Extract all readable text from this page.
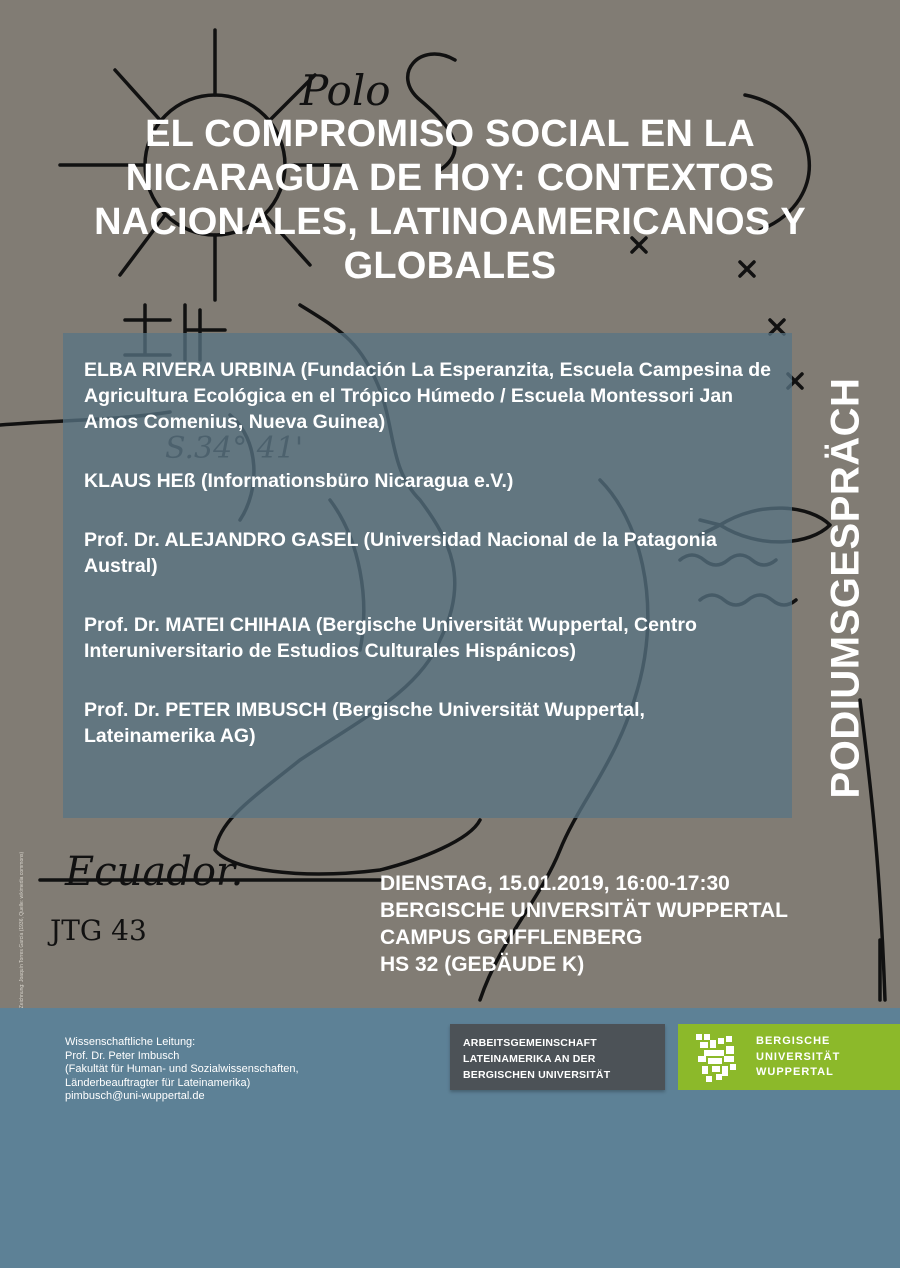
Polo
Ecuador.
JTG 43
EL COMPROMISO SOCIAL EN LA NICARAGUA DE HOY: CONTEXTOS NACIONALES, LATINOAMERICANOS Y GLOBALES

ELBA RIVERA URBINA (Fundación La Esperanzita, Escuela Campesina de Agricultura Ecológica en el Trópico Húmedo / Escuela Montessori Jan Amos Comenius, Nueva Guinea)

KLAUS HEß (Informationsbüro Nicaragua e.V.)

Prof. Dr. ALEJANDRO GASEL (Universidad Nacional de la Patagonia Austral)

Prof. Dr. MATEI CHIHAIA (Bergische Universität Wuppertal, Centro Interuniversitario de Estudios Culturales Hispánicos)

Prof. Dr. PETER IMBUSCH (Bergische Universität Wuppertal, Lateinamerika AG)	PODIUMSGESPRÄCH
Zeichnung: Joaquín Torres García (1936, Quelle: wikimedia commons)	DIENSTAG, 15.01.2019, 16:00-17:30
BERGISCHE UNIVERSITÄT WUPPERTAL
CAMPUS GRIFFLENBERG
HS 32 (GEBÄUDE K)
Wissenschaftliche Leitung:
Prof. Dr. Peter Imbusch
(Fakultät für Human- und Sozialwissenschaften,
Länderbeauftragter für Lateinamerika)
pimbusch@uni-wuppertal.de
ARBEITSGEMEINSCHAFT
LATEINAMERIKA AN DER
BERGISCHEN UNIVERSITÄT
BERGISCHE
UNIVERSITÄT
WUPPERTAL
